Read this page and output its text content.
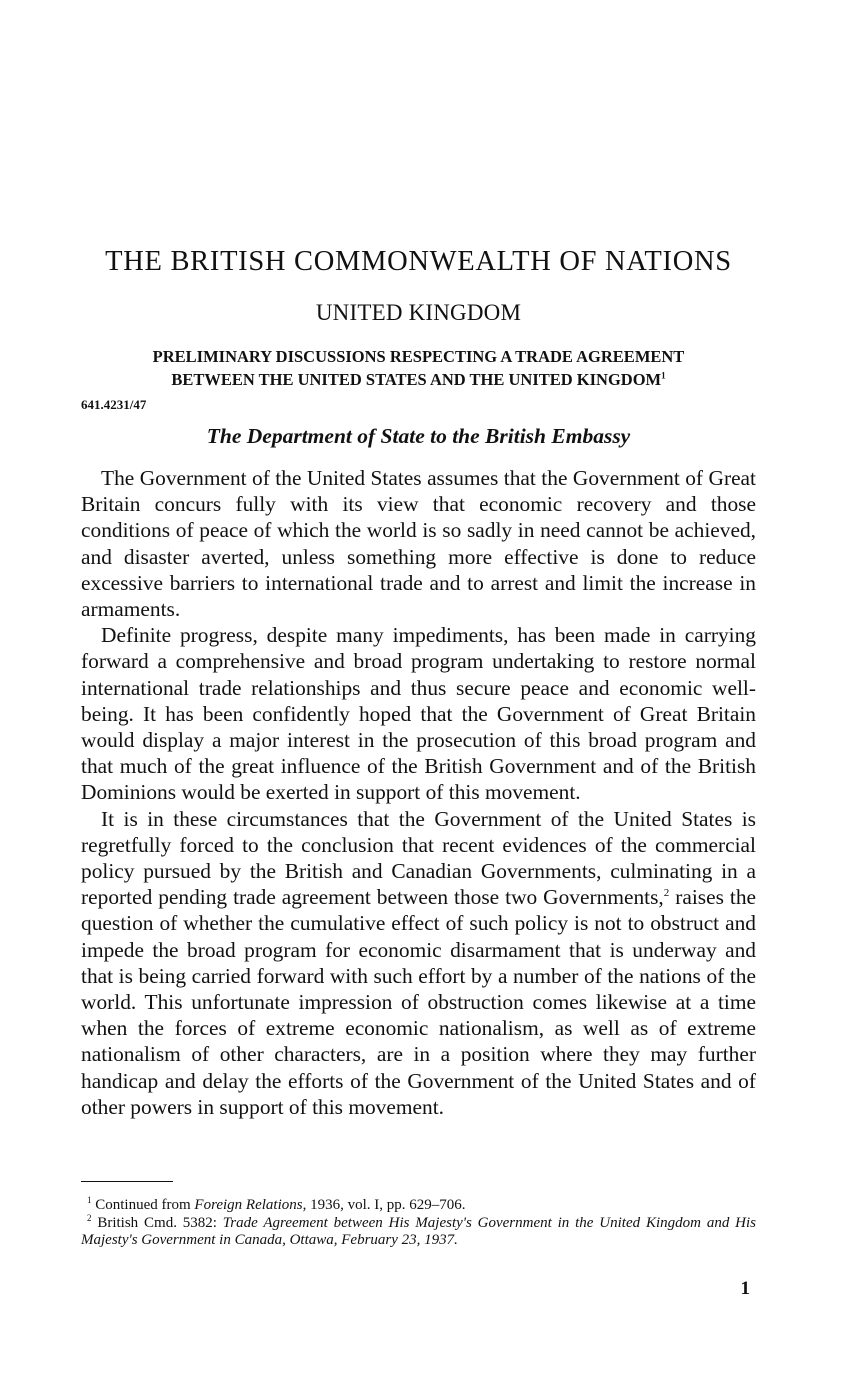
THE BRITISH COMMONWEALTH OF NATIONS
UNITED KINGDOM
PRELIMINARY DISCUSSIONS RESPECTING A TRADE AGREEMENT
BETWEEN THE UNITED STATES AND THE UNITED KINGDOM$^1$
641.4231/47
The Department of State to the British Embassy

The Government of the United States assumes that the Government of Great Britain concurs fully with its view that economic recovery and those conditions of peace of which the world is so sadly in need cannot be achieved, and disaster averted, unless something more effective is done to reduce excessive barriers to international trade and to arrest and limit the increase in armaments.

Definite progress, despite many impediments, has been made in carrying forward a comprehensive and broad program undertaking to restore normal international trade relationships and thus secure peace and economic well-being. It has been confidently hoped that the Government of Great Britain would display a major interest in the prosecution of this broad program and that much of the great influence of the British Government and of the British Dominions would be exerted in support of this movement.

It is in these circumstances that the Government of the United States is regretfully forced to the conclusion that recent evidences of the commercial policy pursued by the British and Canadian Governments, culminating in a reported pending trade agreement between those two Governments,$^2$ raises the question of whether the cumulative effect of such policy is not to obstruct and impede the broad program for economic disarmament that is underway and that is being carried forward with such effort by a number of the nations of the world. This unfortunate impression of obstruction comes likewise at a time when the forces of extreme economic nationalism, as well as of extreme nationalism of other characters, are in a position where they may further handicap and delay the efforts of the Government of the United States and of other powers in support of this movement.

$^1$ Continued from Foreign Relations, 1936, vol. I, pp. 629–706.

$^2$ British Cmd. 5382: Trade Agreement between His Majesty's Government in the United Kingdom and His Majesty's Government in Canada, Ottawa, February 23, 1937.

1
